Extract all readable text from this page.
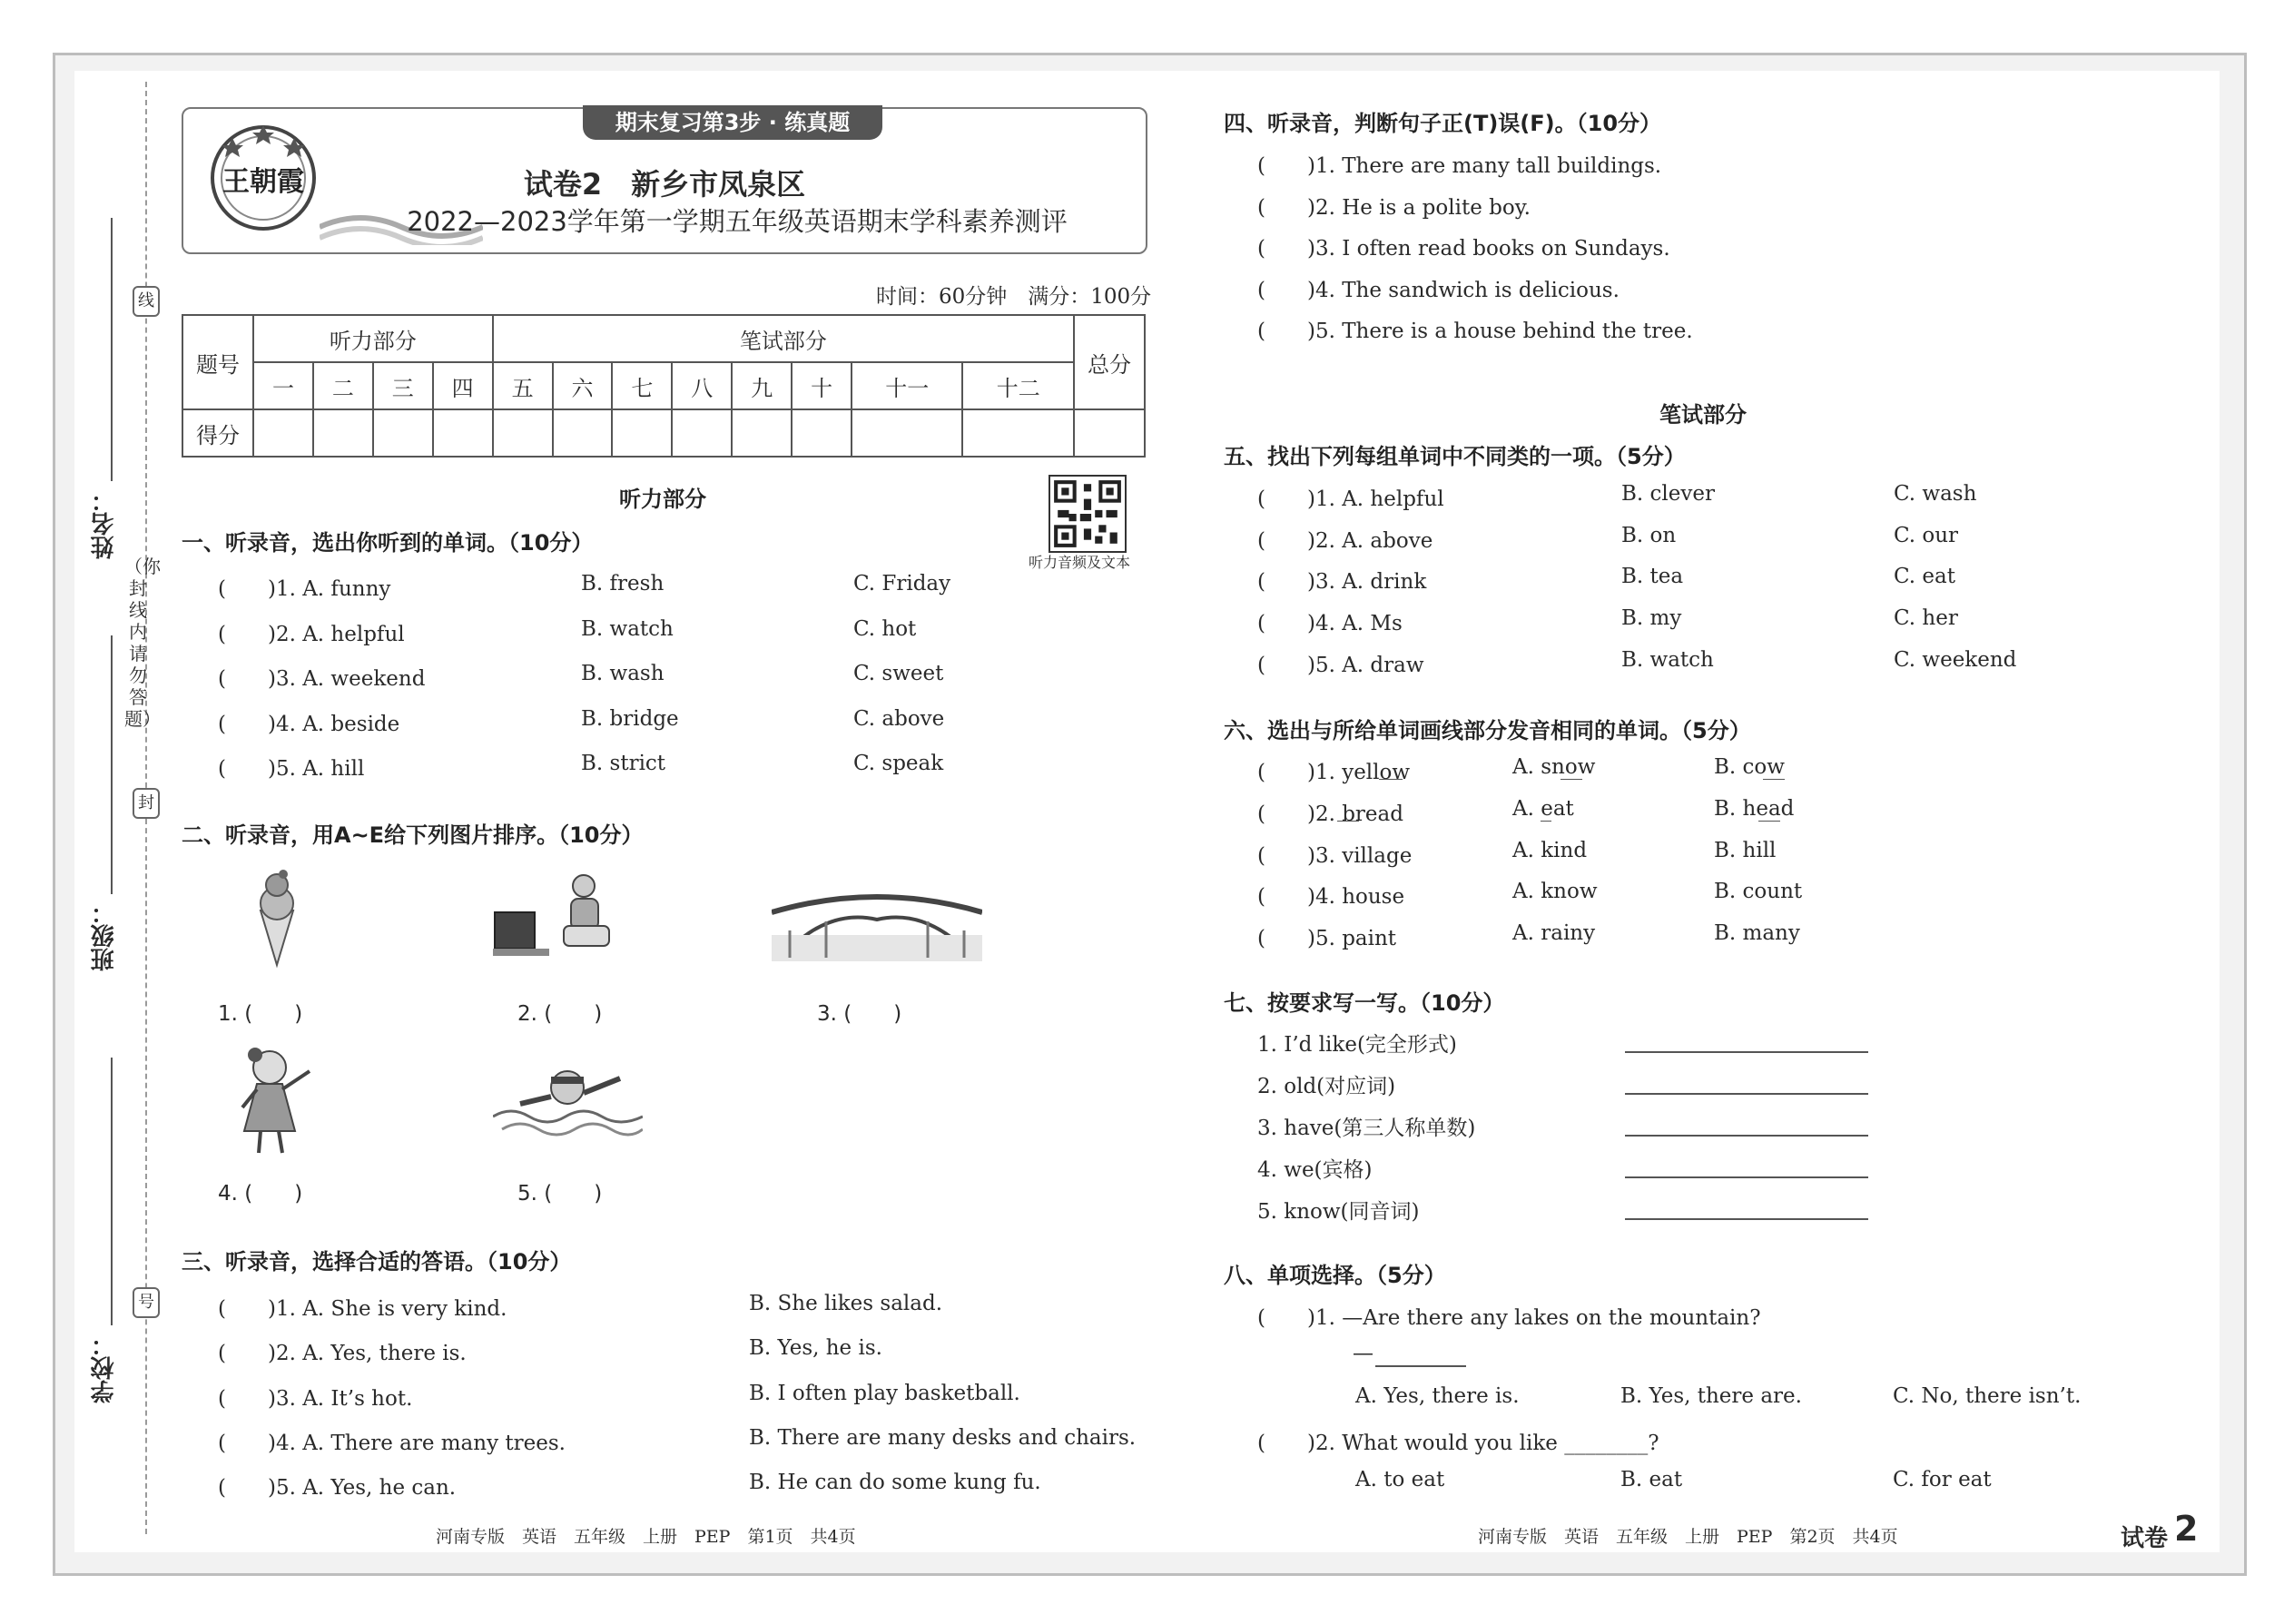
姓名：
班级：
学校：
线
封
号
（你封线内请勿答题）
期末复习第3步 · 练真题
王朝霞	试卷2　新乡市凤泉区
2022—2023学年第一学期五年级英语期末学科素养测评
时间：60分钟　满分：100分
题号	听力部分				笔试部分								总分
	一	二	三	四	五	六	七	八	九	十	十一	十二	
得分													
听力部分
听力音频及文本
一、听录音，选出你听到的单词。（10分）
(　　)1. A. funny	B. fresh	C. Friday
(　　)2. A. helpful	B. watch	C. hot
(　　)3. A. weekend	B. wash	C. sweet
(　　)4. A. beside	B. bridge	C. above
(　　)5. A. hill	B. strict	C. speak
二、听录音，用A~E给下列图片排序。（10分）
1. (　　)	2. (　　)	3. (　　)
4. (　　)	5. (　　)
三、听录音，选择合适的答语。（10分）
(　　)1. A. She is very kind.	B. She likes salad.
(　　)2. A. Yes, there is.	B. Yes, he is.
(　　)3. A. It’s hot.	B. I often play basketball.
(　　)4. A. There are many trees.	B. There are many desks and chairs.
(　　)5. A. Yes, he can.	B. He can do some kung fu.
河南专版　英语　五年级　上册　PEP　第1页　共4页
四、听录音，判断句子正(T)误(F)。（10分）
(　　)1. There are many tall buildings.
(　　)2. He is a polite boy.
(　　)3. I often read books on Sundays.
(　　)4. The sandwich is delicious.
(　　)5. There is a house behind the tree.
笔试部分
五、找出下列每组单词中不同类的一项。（5分）
(　　)1. A. helpful	B. clever	C. wash
(　　)2. A. above	B. on	C. our
(　　)3. A. drink	B. tea	C. eat
(　　)4. A. Ms	B. my	C. her
(　　)5. A. draw	B. watch	C. weekend
六、选出与所给单词画线部分发音相同的单词。（5分）
(　　)1. yellow	A. snow	B. cow
(　　)2. bread	A. eat	B. head
(　　)3. village	A. kind	B. hill
(　　)4. house	A. know	B. count
(　　)5. paint	A. rainy	B. many
七、按要求写一写。（10分）
1. I’d like(完全形式)
2. old(对应词)
3. have(第三人称单数)
4. we(宾格)
5. know(同音词)
八、单项选择。（5分）
(　　)1. —Are there any lakes on the mountain?
—
A. Yes, there is.	B. Yes, there are.	C. No, there isn’t.
(　　)2. What would you like ________?
A. to eat	B. eat	C. for eat
河南专版　英语　五年级　上册　PEP　第2页　共4页	试卷 2
